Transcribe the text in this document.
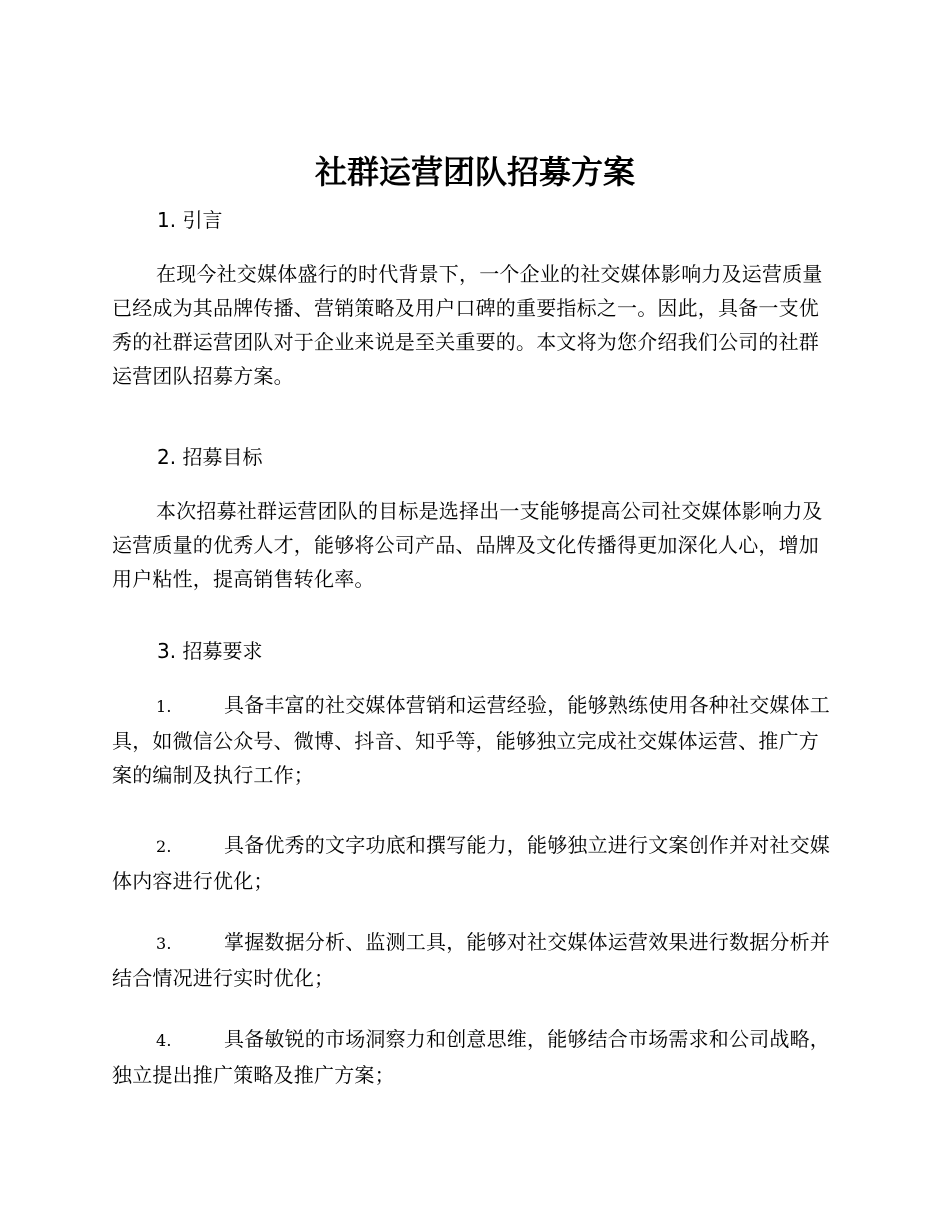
社群运营团队招募方案
1. 引言

在现今社交媒体盛行的时代背景下，一个企业的社交媒体影响力及运营质量已经成为其品牌传播、营销策略及用户口碑的重要指标之一。因此，具备一支优秀的社群运营团队对于企业来说是至关重要的。本文将为您介绍我们公司的社群运营团队招募方案。

2. 招募目标

本次招募社群运营团队的目标是选择出一支能够提高公司社交媒体影响力及运营质量的优秀人才，能够将公司产品、品牌及文化传播得更加深化人心，增加用户粘性，提高销售转化率。

3. 招募要求
1.	具备丰富的社交媒体营销和运营经验，能够熟练使用各种社交媒体工具，如微信公众号、微博、抖音、知乎等，能够独立完成社交媒体运营、推广方案的编制及执行工作；
2.	具备优秀的文字功底和撰写能力，能够独立进行文案创作并对社交媒体内容进行优化；
3.	掌握数据分析、监测工具，能够对社交媒体运营效果进行数据分析并结合情况进行实时优化；
4.	具备敏锐的市场洞察力和创意思维，能够结合市场需求和公司战略，独立提出推广策略及推广方案；
